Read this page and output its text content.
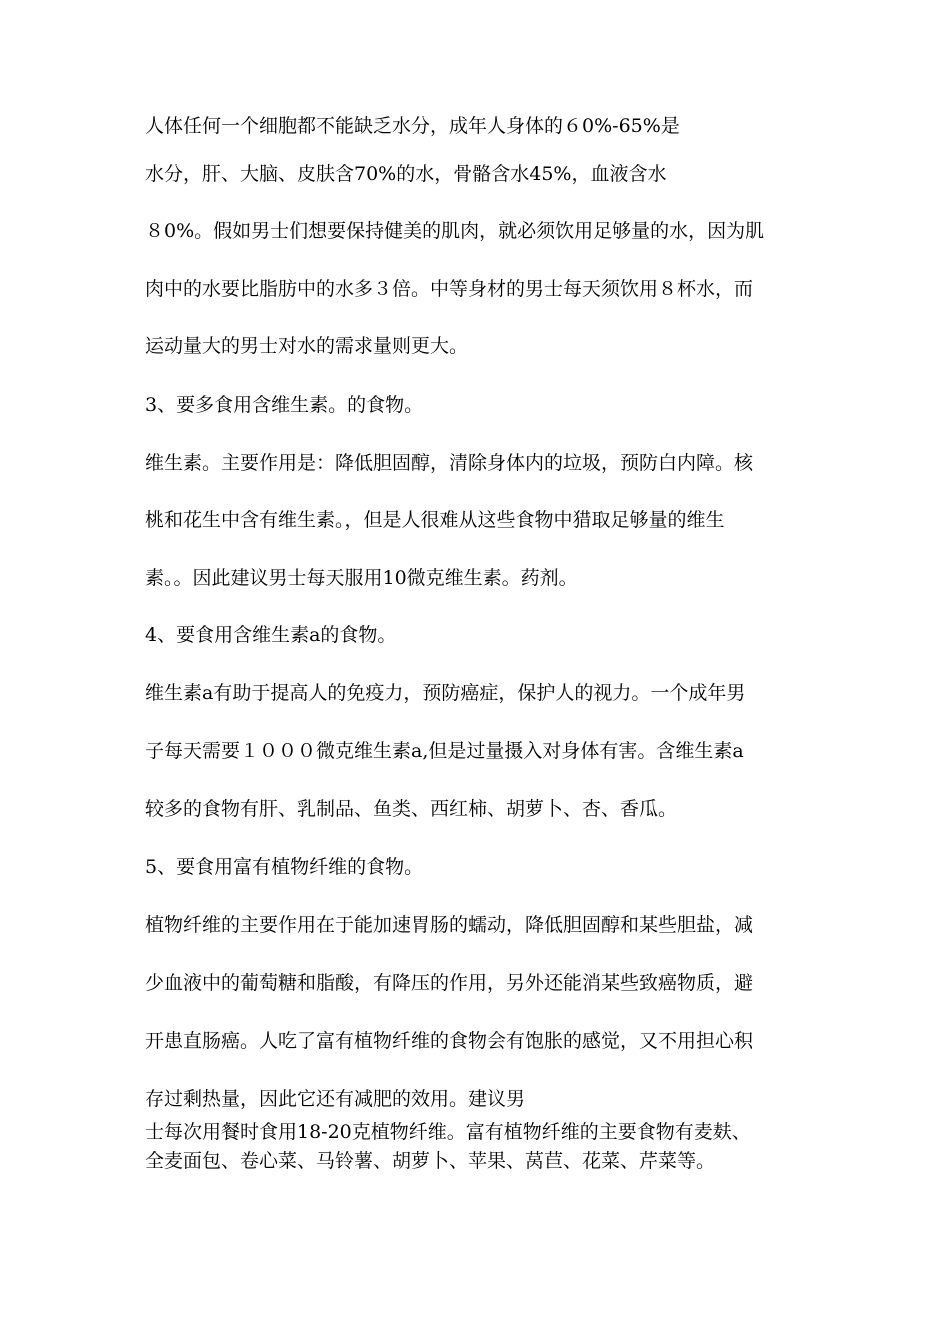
人体任何一个细胞都不能缺乏水分，成年人身体的６0%-65%是
水分，肝、大脑、皮肤含70%的水，骨骼含水45%，血液含水
８0%。假如男士们想要保持健美的肌肉，就必须饮用足够量的水，因为肌
肉中的水要比脂肪中的水多３倍。中等身材的男士每天须饮用８杯水，而
运动量大的男士对水的需求量则更大。
3、要多食用含维生素。的食物。
维生素。主要作用是：降低胆固醇，清除身体内的垃圾，预防白内障。核
桃和花生中含有维生素。，但是人很难从这些食物中猎取足够量的维生
素。。因此建议男士每天服用10微克维生素。药剂。
4、要食用含维生素a的食物。
维生素a有助于提高人的免疫力，预防癌症，保护人的视力。一个成年男
子每天需要１０００微克维生素a,但是过量摄入对身体有害。含维生素a
较多的食物有肝、乳制品、鱼类、西红柿、胡萝卜、杏、香瓜。
5、要食用富有植物纤维的食物。
植物纤维的主要作用在于能加速胃肠的蠕动，降低胆固醇和某些胆盐，减
少血液中的葡萄糖和脂酸，有降压的作用，另外还能消某些致癌物质，避
开患直肠癌。人吃了富有植物纤维的食物会有饱胀的感觉，又不用担心积
存过剩热量，因此它还有减肥的效用。建议男
士每次用餐时食用18-20克植物纤维。富有植物纤维的主要食物有麦麸、
全麦面包、卷心菜、马铃薯、胡萝卜、苹果、莴苣、花菜、芹菜等。
